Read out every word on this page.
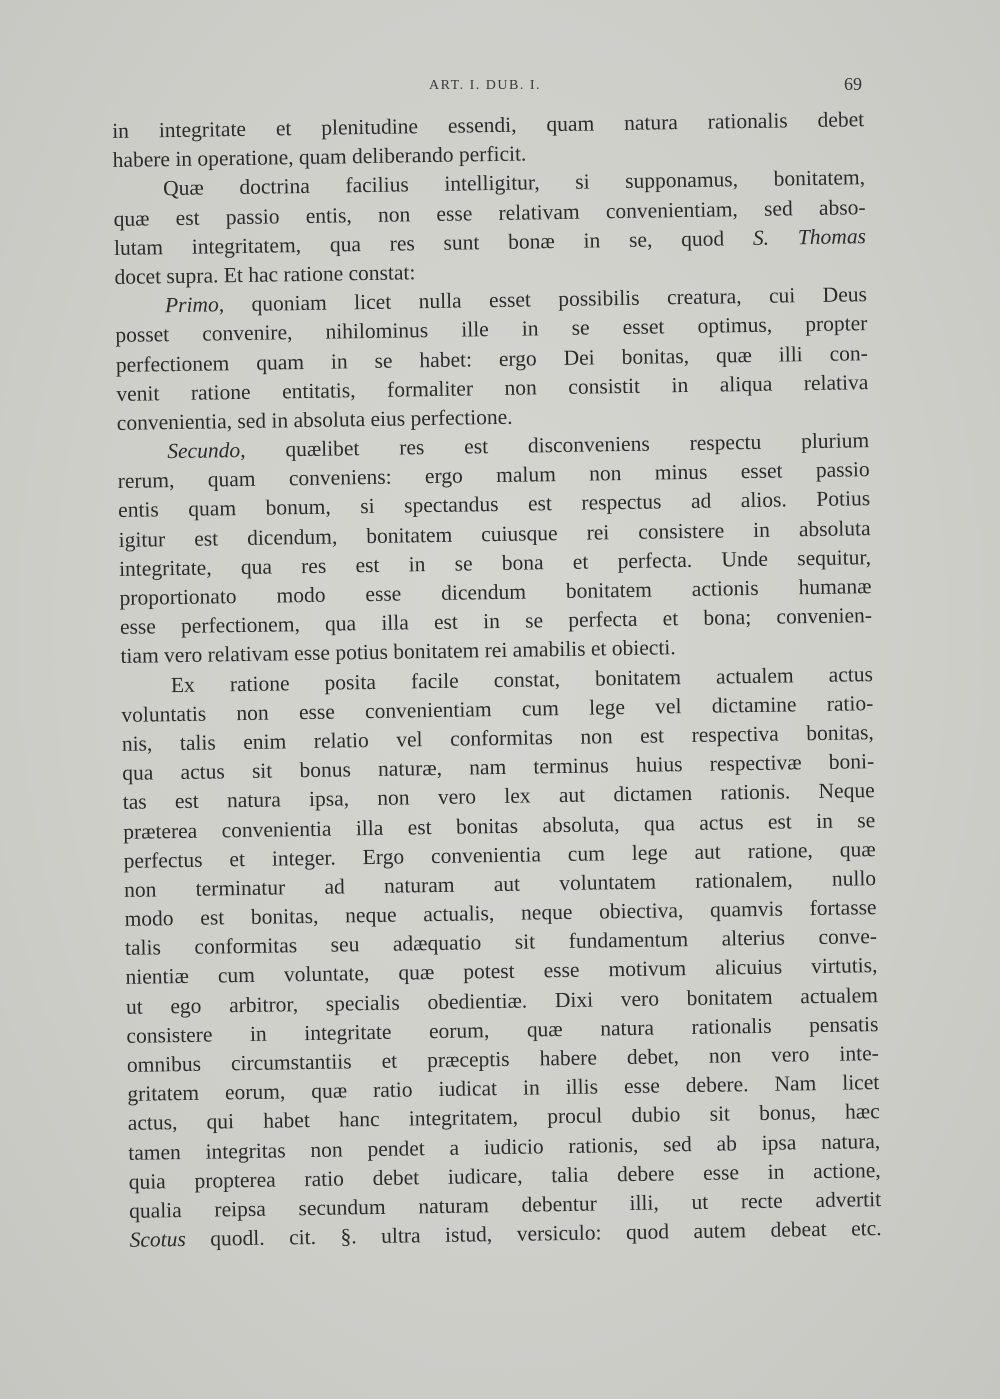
ART. I. DUB. I.	69
in integritate et plenitudine essendi, quam natura rationalis debet
habere in operatione, quam deliberando perficit.
Quæ doctrina facilius intelligitur, si supponamus, bonitatem,
quæ est passio entis, non esse relativam convenientiam, sed abso-
lutam integritatem, qua res sunt bonæ in se, quod S. Thomas
docet supra. Et hac ratione constat:
Primo, quoniam licet nulla esset possibilis creatura, cui Deus
posset convenire, nihilominus ille in se esset optimus, propter
perfectionem quam in se habet: ergo Dei bonitas, quæ illi con-
venit ratione entitatis, formaliter non consistit in aliqua relativa
convenientia, sed in absoluta eius perfectione.
Secundo, quælibet res est disconveniens respectu plurium
rerum, quam conveniens: ergo malum non minus esset passio
entis quam bonum, si spectandus est respectus ad alios. Potius
igitur est dicendum, bonitatem cuiusque rei consistere in absoluta
integritate, qua res est in se bona et perfecta. Unde sequitur,
proportionato modo esse dicendum bonitatem actionis humanæ
esse perfectionem, qua illa est in se perfecta et bona; convenien-
tiam vero relativam esse potius bonitatem rei amabilis et obiecti.
Ex ratione posita facile constat, bonitatem actualem actus
voluntatis non esse convenientiam cum lege vel dictamine ratio-
nis, talis enim relatio vel conformitas non est respectiva bonitas,
qua actus sit bonus naturæ, nam terminus huius respectivæ boni-
tas est natura ipsa, non vero lex aut dictamen rationis. Neque
præterea convenientia illa est bonitas absoluta, qua actus est in se
perfectus et integer. Ergo convenientia cum lege aut ratione, quæ
non terminatur ad naturam aut voluntatem rationalem, nullo
modo est bonitas, neque actualis, neque obiectiva, quamvis fortasse
talis conformitas seu adæquatio sit fundamentum alterius conve-
nientiæ cum voluntate, quæ potest esse motivum alicuius virtutis,
ut ego arbitror, specialis obedientiæ. Dixi vero bonitatem actualem
consistere in integritate eorum, quæ natura rationalis pensatis
omnibus circumstantiis et præceptis habere debet, non vero inte-
gritatem eorum, quæ ratio iudicat in illis esse debere. Nam licet
actus, qui habet hanc integritatem, procul dubio sit bonus, hæc
tamen integritas non pendet a iudicio rationis, sed ab ipsa natura,
quia propterea ratio debet iudicare, talia debere esse in actione,
qualia reipsa secundum naturam debentur illi, ut recte advertit
Scotus quodl. cit. §. ultra istud, versiculo: quod autem debeat etc.
